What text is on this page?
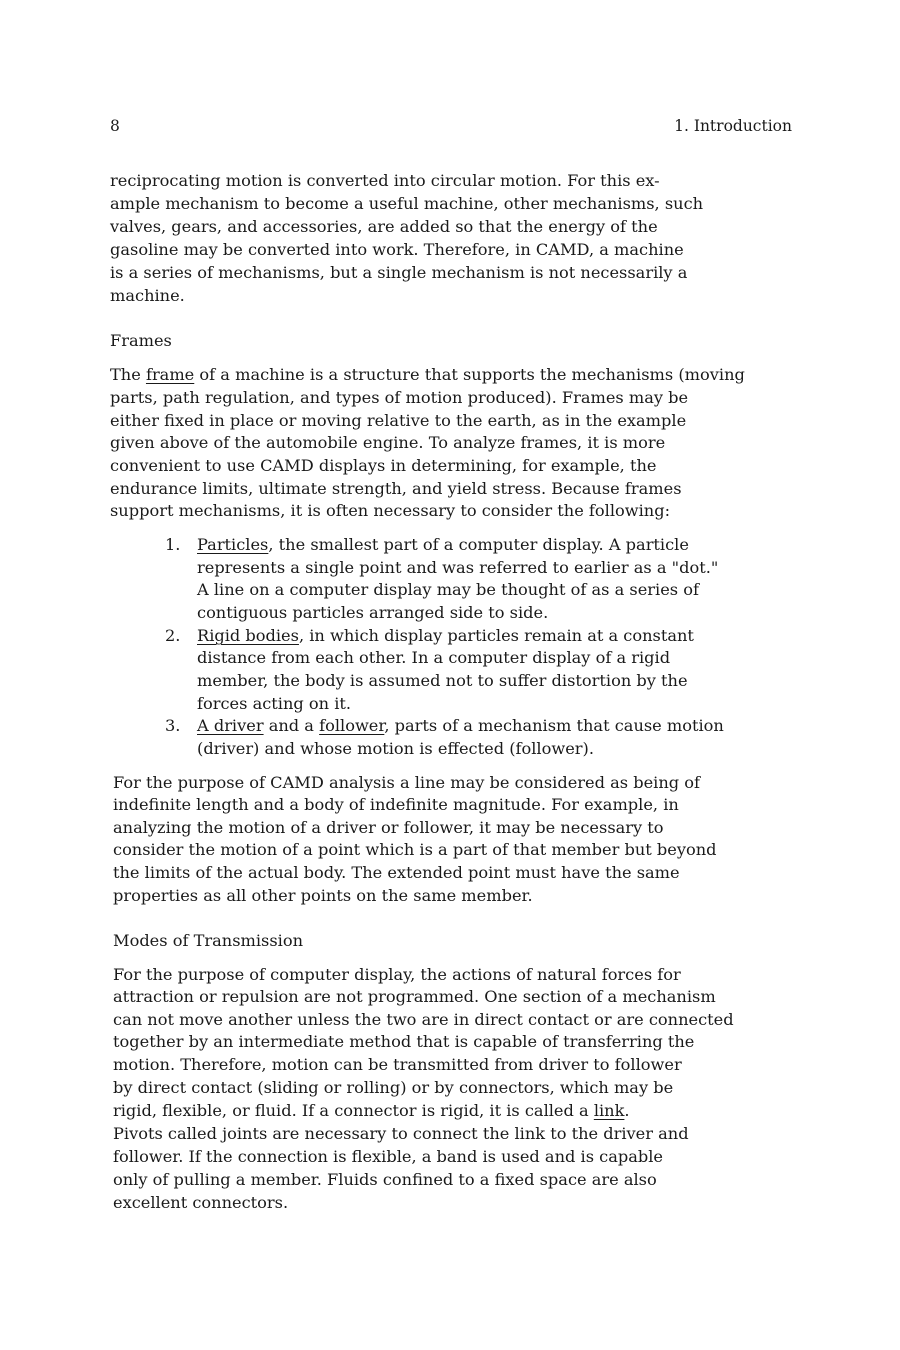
8	1. Introduction
reciprocating motion is converted into circular motion. For this ex-
ample mechanism to become a useful machine, other mechanisms, such
valves, gears, and accessories, are added so that the energy of the
gasoline may be converted into work. Therefore, in CAMD, a machine
is a series of mechanisms, but a single mechanism is not necessarily a
machine.
Frames
The frame of a machine is a structure that supports the mechanisms (moving
parts, path regulation, and types of motion produced). Frames may be
either fixed in place or moving relative to the earth, as in the example
given above of the automobile engine. To analyze frames, it is more
convenient to use CAMD displays in determining, for example, the
endurance limits, ultimate strength, and yield stress. Because frames
support mechanisms, it is often necessary to consider the following:
1. Particles, the smallest part of a computer display. A particle
represents a single point and was referred to earlier as a "dot."
A line on a computer display may be thought of as a series of
contiguous particles arranged side to side.
2. Rigid bodies, in which display particles remain at a constant
distance from each other. In a computer display of a rigid
member, the body is assumed not to suffer distortion by the
forces acting on it.
3. A driver and a follower, parts of a mechanism that cause motion
(driver) and whose motion is effected (follower).
For the purpose of CAMD analysis a line may be considered as being of
indefinite length and a body of indefinite magnitude. For example, in
analyzing the motion of a driver or follower, it may be necessary to
consider the motion of a point which is a part of that member but beyond
the limits of the actual body. The extended point must have the same
properties as all other points on the same member.
Modes of Transmission
For the purpose of computer display, the actions of natural forces for
attraction or repulsion are not programmed. One section of a mechanism
can not move another unless the two are in direct contact or are connected
together by an intermediate method that is capable of transferring the
motion. Therefore, motion can be transmitted from driver to follower
by direct contact (sliding or rolling) or by connectors, which may be
rigid, flexible, or fluid. If a connector is rigid, it is called a link.
Pivots called joints are necessary to connect the link to the driver and
follower. If the connection is flexible, a band is used and is capable
only of pulling a member. Fluids confined to a fixed space are also
excellent connectors.
